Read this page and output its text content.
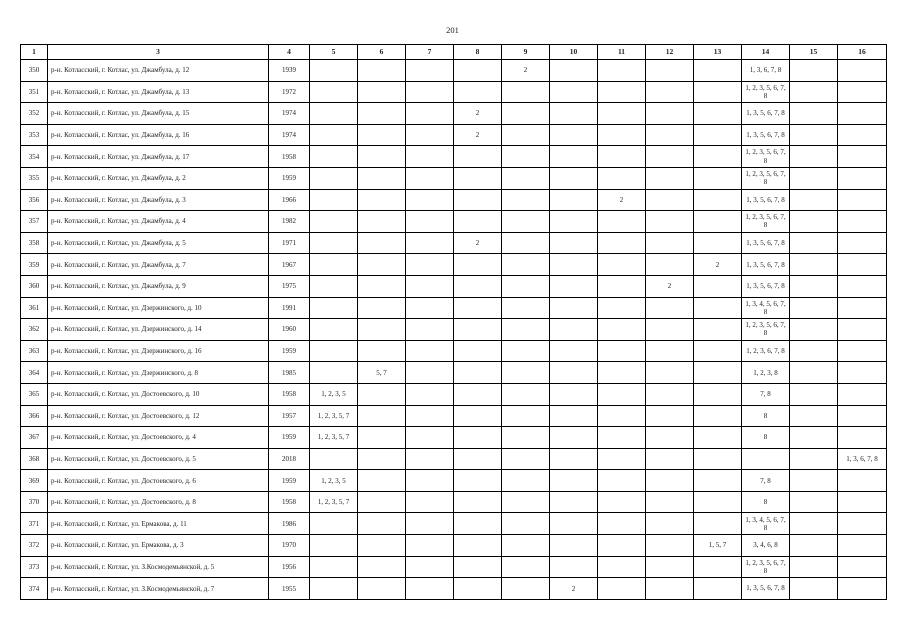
201
1	3	4	5	6	7	8	9	10	11	12	13	14	15	16
350	р-н. Котласский, г. Котлас, ул. Джамбула, д. 12	1939					2					1, 3, 6, 7, 8		
351	р-н. Котласский, г. Котлас, ул. Джамбула, д. 13	1972										1, 2, 3, 5, 6, 7, 8		
352	р-н. Котласский, г. Котлас, ул. Джамбула, д. 15	1974				2						1, 3, 5, 6, 7, 8		
353	р-н. Котласский, г. Котлас, ул. Джамбула, д. 16	1974				2						1, 3, 5, 6, 7, 8		
354	р-н. Котласский, г. Котлас, ул. Джамбула, д. 17	1958										1, 2, 3, 5, 6, 7, 8		
355	р-н. Котласский, г. Котлас, ул. Джамбула, д. 2	1959										1, 2, 3, 5, 6, 7, 8		
356	р-н. Котласский, г. Котлас, ул. Джамбула, д. 3	1966							2			1, 3, 5, 6, 7, 8		
357	р-н. Котласский, г. Котлас, ул. Джамбула, д. 4	1982										1, 2, 3, 5, 6, 7, 8		
358	р-н. Котласский, г. Котлас, ул. Джамбула, д. 5	1971				2						1, 3, 5, 6, 7, 8		
359	р-н. Котласский, г. Котлас, ул. Джамбула, д. 7	1967									2	1, 3, 5, 6, 7, 8		
360	р-н. Котласский, г. Котлас, ул. Джамбула, д. 9	1975								2		1, 3, 5, 6, 7, 8		
361	р-н. Котласский, г. Котлас, ул. Дзержинского, д. 10	1991										1, 3, 4, 5, 6, 7, 8		
362	р-н. Котласский, г. Котлас, ул. Дзержинского, д. 14	1960										1, 2, 3, 5, 6, 7, 8		
363	р-н. Котласский, г. Котлас, ул. Дзержинского, д. 16	1959										1, 2, 3, 6, 7, 8		
364	р-н. Котласский, г. Котлас, ул. Дзержинского, д. 8	1985		5, 7								1, 2, 3, 8		
365	р-н. Котласский, г. Котлас, ул. Достоевского, д. 10	1958	1, 2, 3, 5									7, 8		
366	р-н. Котласский, г. Котлас, ул. Достоевского, д. 12	1957	1, 2, 3, 5, 7									8		
367	р-н. Котласский, г. Котлас, ул. Достоевского, д. 4	1959	1, 2, 3, 5, 7									8		
368	р-н. Котласский, г. Котлас, ул. Достоевского, д. 5	2018												1, 3, 6, 7, 8
369	р-н. Котласский, г. Котлас, ул. Достоевского, д. 6	1959	1, 2, 3, 5									7, 8		
370	р-н. Котласский, г. Котлас, ул. Достоевского, д. 8	1958	1, 2, 3, 5, 7									8		
371	р-н. Котласский, г. Котлас, ул. Ермакова, д. 11	1986										1, 3, 4, 5, 6, 7, 8		
372	р-н. Котласский, г. Котлас, ул. Ермакова, д. 3	1970									1, 5, 7	3, 4, 6, 8		
373	р-н. Котласский, г. Котлас, ул. З.Космодемьянской, д. 5	1956										1, 2, 3, 5, 6, 7, 8		
374	р-н. Котласский, г. Котлас, ул. З.Космодемьянской, д. 7	1955						2				1, 3, 5, 6, 7, 8		
